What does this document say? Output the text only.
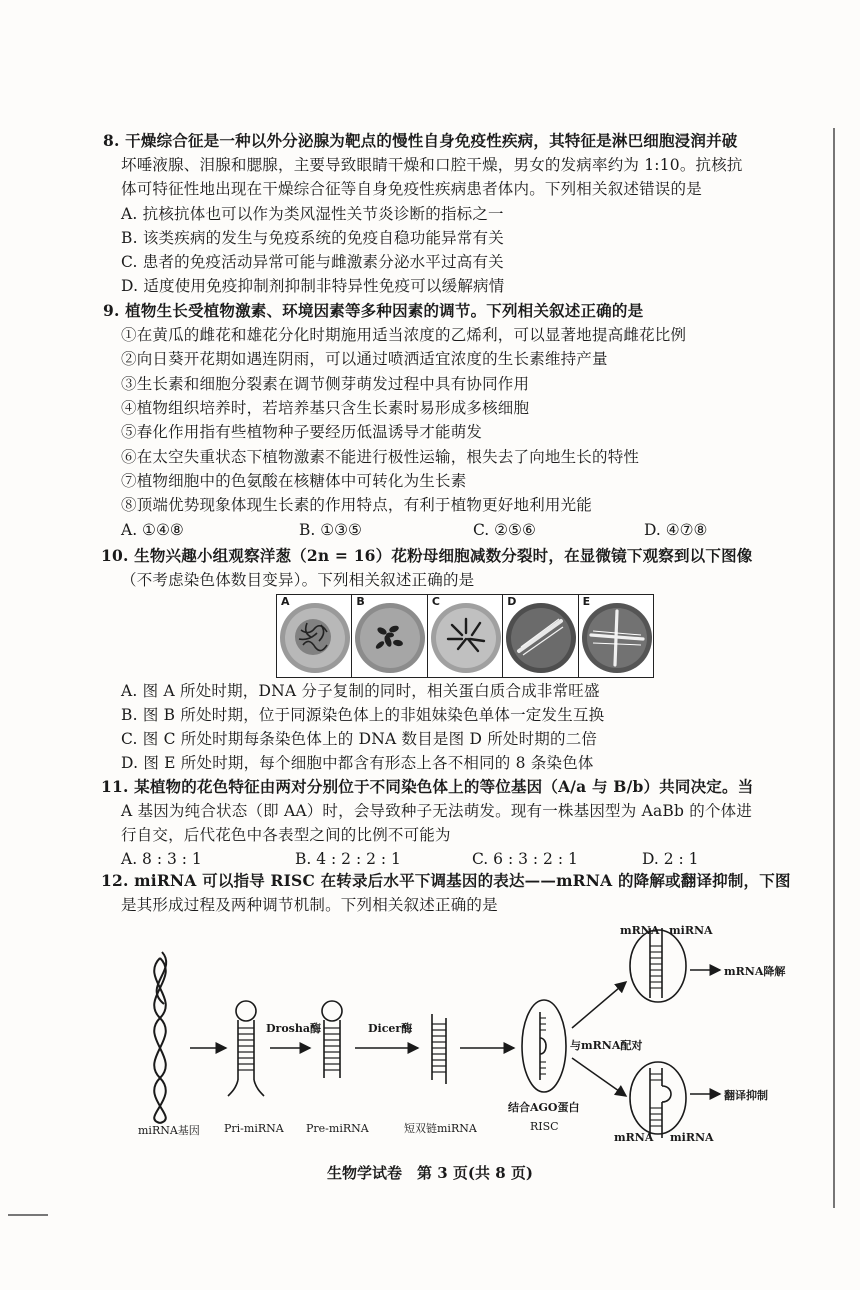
8. 干燥综合征是一种以外分泌腺为靶点的慢性自身免疫性疾病，其特征是淋巴细胞浸润并破
坏唾液腺、泪腺和腮腺，主要导致眼睛干燥和口腔干燥，男女的发病率约为 1:10。抗核抗
体可特征性地出现在干燥综合征等自身免疫性疾病患者体内。下列相关叙述错误的是
A. 抗核抗体也可以作为类风湿性关节炎诊断的指标之一
B. 该类疾病的发生与免疫系统的免疫自稳功能异常有关
C. 患者的免疫活动异常可能与雌激素分泌水平过高有关
D. 适度使用免疫抑制剂抑制非特异性免疫可以缓解病情
9. 植物生长受植物激素、环境因素等多种因素的调节。下列相关叙述正确的是
①在黄瓜的雌花和雄花分化时期施用适当浓度的乙烯利，可以显著地提高雌花比例
②向日葵开花期如遇连阴雨，可以通过喷洒适宜浓度的生长素维持产量
③生长素和细胞分裂素在调节侧芽萌发过程中具有协同作用
④植物组织培养时，若培养基只含生长素时易形成多核细胞
⑤春化作用指有些植物种子要经历低温诱导才能萌发
⑥在太空失重状态下植物激素不能进行极性运输，根失去了向地生长的特性
⑦植物细胞中的色氨酸在核糖体中可转化为生长素
⑧顶端优势现象体现生长素的作用特点，有利于植物更好地利用光能
A. ①④⑧	B. ①③⑤	C. ②⑤⑥	D. ④⑦⑧
10. 生物兴趣小组观察洋葱（2n = 16）花粉母细胞减数分裂时，在显微镜下观察到以下图像
（不考虑染色体数目变异）。下列相关叙述正确的是
A	B	C	D	E
A. 图 A 所处时期，DNA 分子复制的同时，相关蛋白质合成非常旺盛
B. 图 B 所处时期，位于同源染色体上的非姐妹染色单体一定发生互换
C. 图 C 所处时期每条染色体上的 DNA 数目是图 D 所处时期的二倍
D. 图 E 所处时期，每个细胞中都含有形态上各不相同的 8 条染色体
11. 某植物的花色特征由两对分别位于不同染色体上的等位基因（A/a 与 B/b）共同决定。当
A 基因为纯合状态（即 AA）时，会导致种子无法萌发。现有一株基因型为 AaBb 的个体进
行自交，后代花色中各表型之间的比例不可能为
A. 8 : 3 : 1	B. 4 : 2 : 2 : 1	C. 6 : 3 : 2 : 1	D. 2 : 1
12. miRNA 可以指导 RISC 在转录后水平下调基因的表达——mRNA 的降解或翻译抑制，下图
是其形成过程及两种调节机制。下列相关叙述正确的是
miRNA基因 Pri-miRNA Pre-miRNA	短双链miRNA	RISC
Drosha酶	Dicer酶
与mRNA配对
结合AGO蛋白
mRNA miRNA
mRNA降解
mRNA miRNA
翻译抑制
生物学试卷　第 3 页(共 8 页)
